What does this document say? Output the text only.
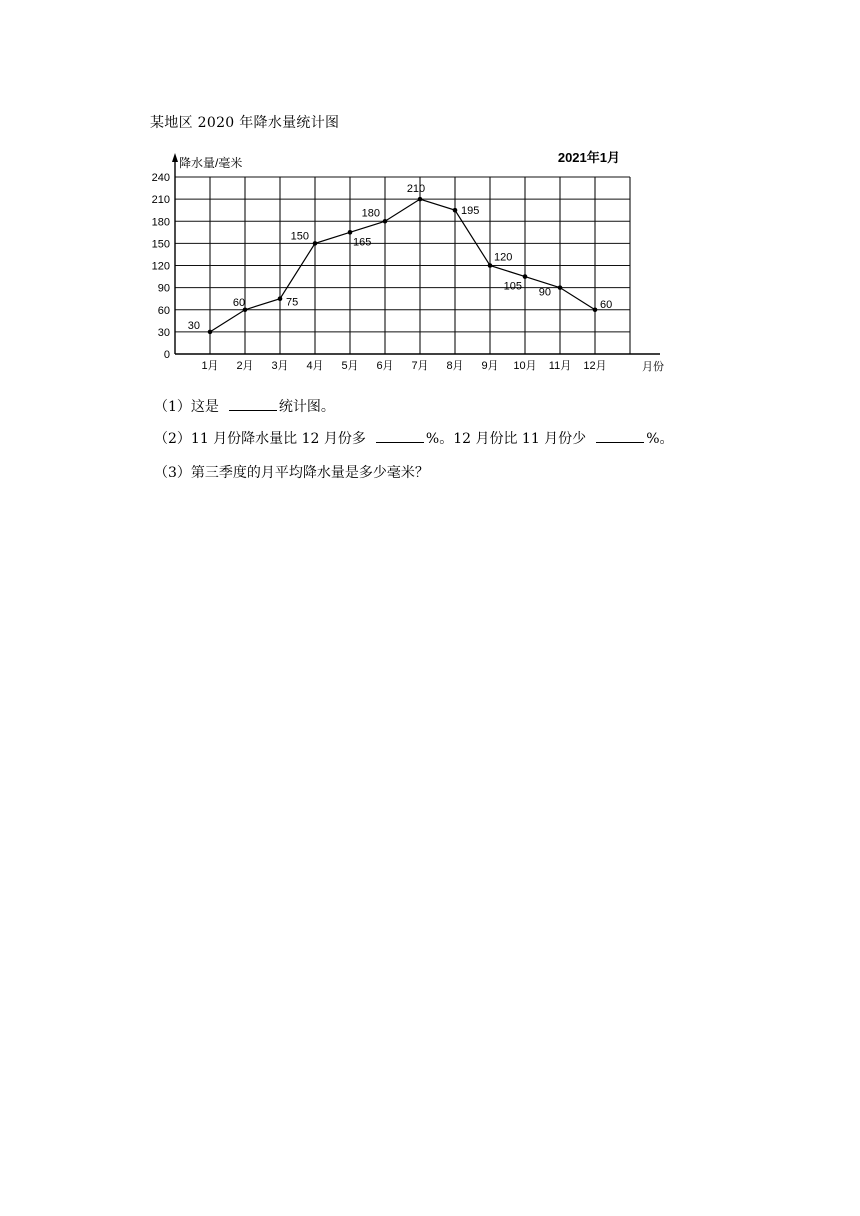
某地区 2020 年降水量统计图
0
30
60
90
120
150
180
210
240
1月 2月 3月 4月 5月 6月 7月 8月 9月 10月 11月 12月
30
60	75
150	165
180
210
195
120
105
90
60
降水量/毫米
月份
2021年1月
（1）这是	统计图。
（2）11 月份降水量比 12 月份多	%。12 月份比 11 月份少	%。
（3）第三季度的月平均降水量是多少毫米？
